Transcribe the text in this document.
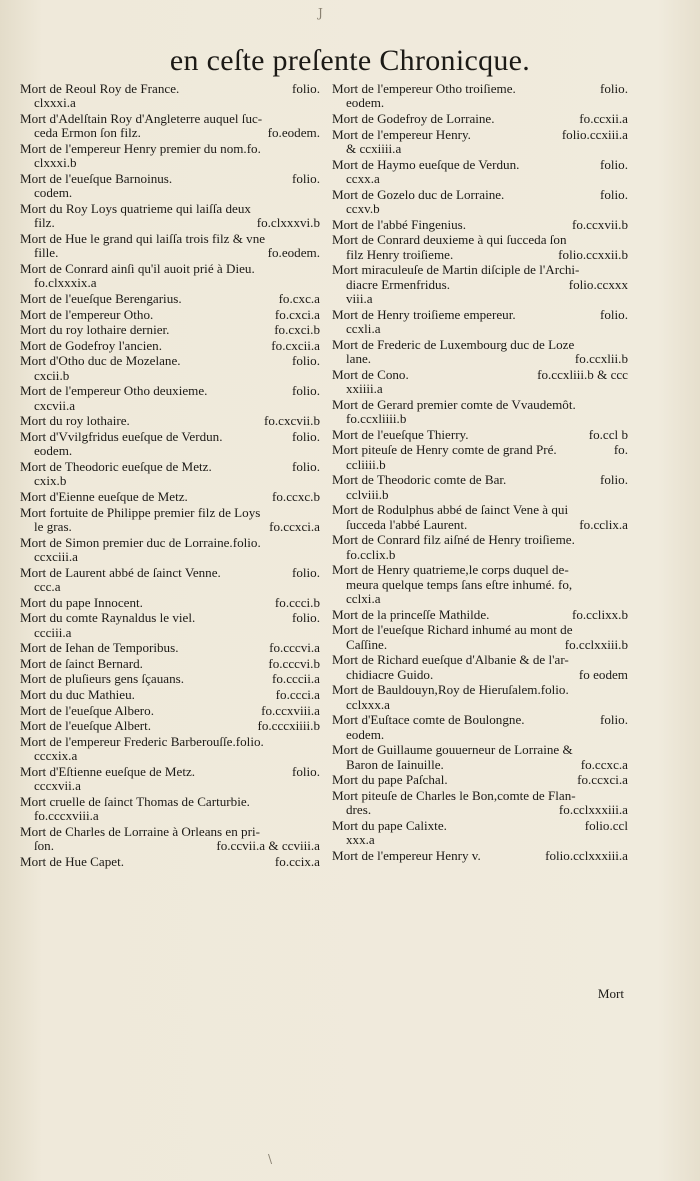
J
en ceſte preſente Chronicque.
Mort de Reoul Roy de France.	folio.
clxxxi.a
Mort d'Adelſtain Roy d'Angleterre auquel ſuc-
ceda Ermon ſon filz.	fo.eodem.
Mort de l'empereur Henry premier du nom.fo.
clxxxi.b
Mort de l'eueſque Barnoinus.	folio.
codem.
Mort du Roy Loys quatrieme qui laiſſa deux
filz.	fo.clxxxvi.b
Mort de Hue le grand qui laiſſa trois filz & vne
fille.	fo.eodem.
Mort de Conrard ainſi qu'il auoit prié à Dieu.
fo.clxxxix.a
Mort de l'eueſque Berengarius.	fo.cxc.a
Mort de l'empereur Otho.	fo.cxci.a
Mort du roy lothaire dernier.	fo.cxci.b
Mort de Godefroy l'ancien.	fo.cxcii.a
Mort d'Otho duc de Mozelane.	folio.
cxcii.b
Mort de l'empereur Otho deuxieme.	folio.
cxcvii.a
Mort du roy lothaire.	fo.cxcvii.b
Mort d'Vvilgfridus eueſque de Verdun.	folio.
eodem.
Mort de Theodoric eueſque de Metz.	folio.
cxix.b
Mort d'Eienne eueſque de Metz.	fo.ccxc.b
Mort fortuite de Philippe premier filz de Loys
le gras.	fo.ccxci.a
Mort de Simon premier duc de Lorraine.folio.
ccxciii.a
Mort de Laurent abbé de ſainct Venne.	folio.
ccc.a
Mort du pape Innocent.	fo.ccci.b
Mort du comte Raynaldus le viel.	folio.
ccciii.a
Mort de Iehan de Temporibus.	fo.cccvi.a
Mort de ſainct Bernard.	fo.cccvi.b
Mort de pluſieurs gens ſçauans.	fo.cccii.a
Mort du duc Mathieu.	fo.ccci.a
Mort de l'eueſque Albero.	fo.ccxviii.a
Mort de l'eueſque Albert.	fo.cccxiiii.b
Mort de l'empereur Frederic Barberouſſe.folio.
cccxix.a
Mort d'Eſtienne eueſque de Metz.	folio.
cccxvii.a
Mort cruelle de ſainct Thomas de Carturbie.
fo.cccxviii.a
Mort de Charles de Lorraine à Orleans en pri-
ſon.	fo.ccvii.a & ccviii.a
Mort de Hue Capet.	fo.ccix.a
Mort de l'empereur Otho troiſieme.	folio.
eodem.
Mort de Godefroy de Lorraine.	fo.ccxii.a
Mort de l'empereur Henry.	folio.ccxiii.a
& ccxiiii.a
Mort de Haymo eueſque de Verdun.	folio.
ccxx.a
Mort de Gozelo duc de Lorraine.	folio.
ccxv.b
Mort de l'abbé Fingenius.	fo.ccxvii.b
Mort de Conrard deuxieme à qui ſucceda ſon
filz Henry troiſieme.	folio.ccxxii.b
Mort miraculeuſe de Martin diſciple de l'Archi-
diacre Ermenfridus.	folio.ccxxx
viii.a
Mort de Henry troiſieme empereur.	folio.
ccxli.a
Mort de Frederic de Luxembourg duc de Loze
lane.	fo.ccxlii.b
Mort de Cono.	fo.ccxliii.b & ccc
xxiiii.a
Mort de Gerard premier comte de Vvaudemôt.
fo.ccxliiii.b
Mort de l'eueſque Thierry.	fo.ccl b
Mort piteuſe de Henry comte de grand Pré.	fo.
ccliiii.b
Mort de Theodoric comte de Bar.	folio.
cclviii.b
Mort de Rodulphus abbé de ſainct Vene à qui
ſucceda l'abbé Laurent.	fo.cclix.a
Mort de Conrard filz aiſné de Henry troiſieme.
fo.cclix.b
Mort de Henry quatrieme,le corps duquel de-
meura quelque temps ſans eſtre inhumé. fo,
cclxi.a
Mort de la princeſſe Mathilde.	fo.cclixx.b
Mort de l'eueſque Richard inhumé au mont de
Caſſine.	fo.cclxxiii.b
Mort de Richard eueſque d'Albanie & de l'ar-
chidiacre Guido.	fo eodem
Mort de Bauldouyn,Roy de Hieruſalem.folio.
cclxxx.a
Mort d'Euſtace comte de Boulongne.	folio.
eodem.
Mort de Guillaume gouuerneur de Lorraine &
Baron de Iainuille.	fo.ccxc.a
Mort du pape Paſchal.	fo.ccxci.a
Mort piteuſe de Charles le Bon,comte de Flan-
dres.	fo.cclxxxiii.a
Mort du pape Calixte.	folio.ccl
xxx.a
Mort de l'empereur Henry v.	folio.cclxxxiii.a
Mort
\
